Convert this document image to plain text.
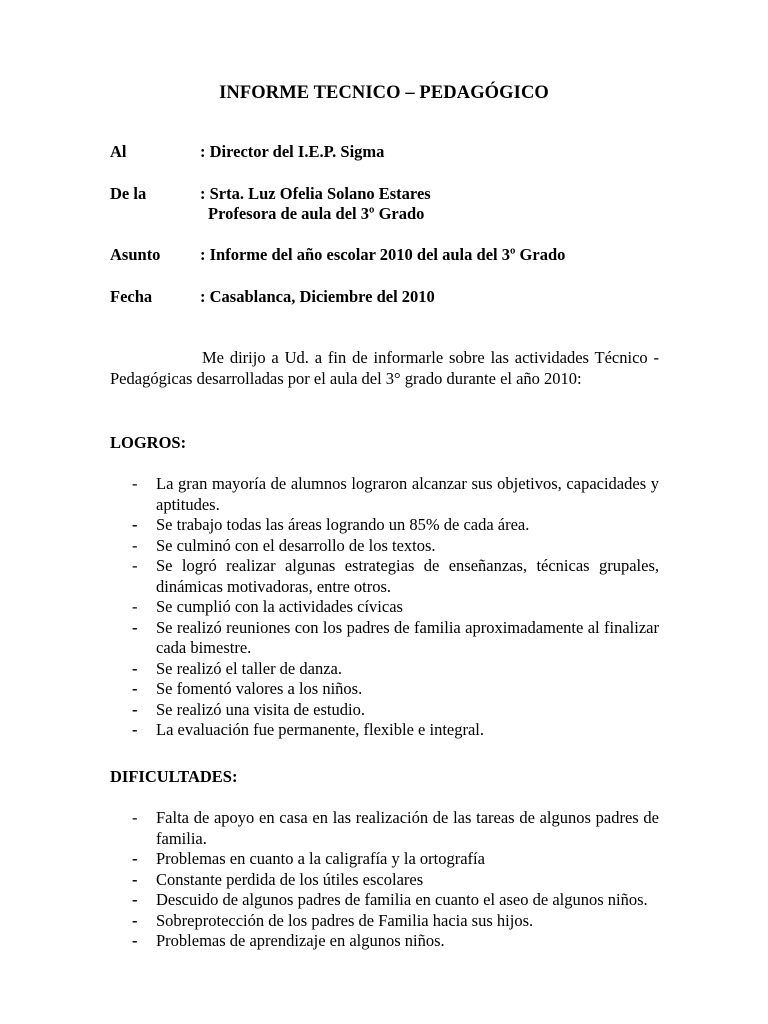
INFORME TECNICO – PEDAGÓGICO
Al	: Director del I.E.P. Sigma
De la	: Srta. Luz Ofelia Solano Estares
Profesora de aula del 3º Grado
Asunto : Informe del año escolar 2010 del aula del 3º Grado
Fecha	: Casablanca, Diciembre del 2010

Me dirijo a Ud. a fin de informarle sobre las actividades Técnico - Pedagógicas desarrolladas por el aula del 3° grado durante el año 2010:

LOGROS:
- La gran mayoría de alumnos lograron alcanzar sus objetivos, capacidades y aptitudes.
- Se trabajo todas las áreas logrando un 85% de cada área.
- Se culminó con el desarrollo de los textos.
- Se logró realizar algunas estrategias de enseñanzas, técnicas grupales, dinámicas motivadoras, entre otros.
- Se cumplió con la actividades cívicas
- Se realizó reuniones con los padres de familia aproximadamente al finalizar cada bimestre.
- Se realizó el taller de danza.
- Se fomentó valores a los niños.
- Se realizó una visita de estudio.
- La evaluación fue permanente, flexible e integral.
DIFICULTADES:
- Falta de apoyo en casa en las realización de las tareas de algunos padres de familia.
- Problemas en cuanto a la caligrafía y la ortografía
- Constante perdida de los útiles escolares
- Descuido de algunos padres de familia en cuanto el aseo de algunos niños.
- Sobreprotección de los padres de Familia hacia sus hijos.
- Problemas de aprendizaje en algunos niños.
